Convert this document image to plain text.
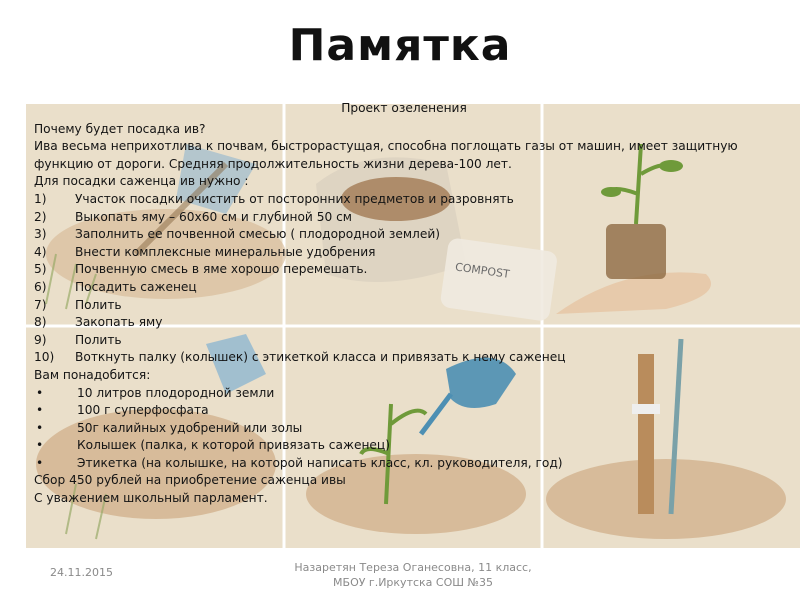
Памятка
COMPOST
Проект озеленения
Почему будет посадка ив?
Ива весьма неприхотлива к почвам, быстрорастущая, способна поглощать газы от машин, имеет защитную функцию от дороги. Средняя продолжительность жизни дерева-100 лет.
Для посадки саженца ив нужно :
1)	Участок посадки очистить от посторонних предметов и разровнять
2)	Выкопать яму – 60х60 см и глубиной 50 см
3)	Заполнить ее почвенной смесью ( плодородной землей)
4)	Внести комплексные минеральные удобрения
5)	Почвенную смесь в яме хорошо перемешать.
6)	Посадить саженец
7)	Полить
8)	Закопать яму
9)	Полить
10)	Воткнуть палку (колышек) с этикеткой класса и привязать к нему саженец
Вам понадобится:
•	10 литров плодородной земли
•	100 г суперфосфата
•	50г калийных удобрений или золы
•	Колышек (палка, к которой привязать саженец)
•	Этикетка (на колышке, на которой написать класс, кл. руководителя, год)
Сбор 450 рублей на приобретение саженца ивы
С уважением школьный парламент.
24.11.2015	Назаретян Тереза Оганесовна, 11 класс, МБОУ г.Иркутска СОШ №35
